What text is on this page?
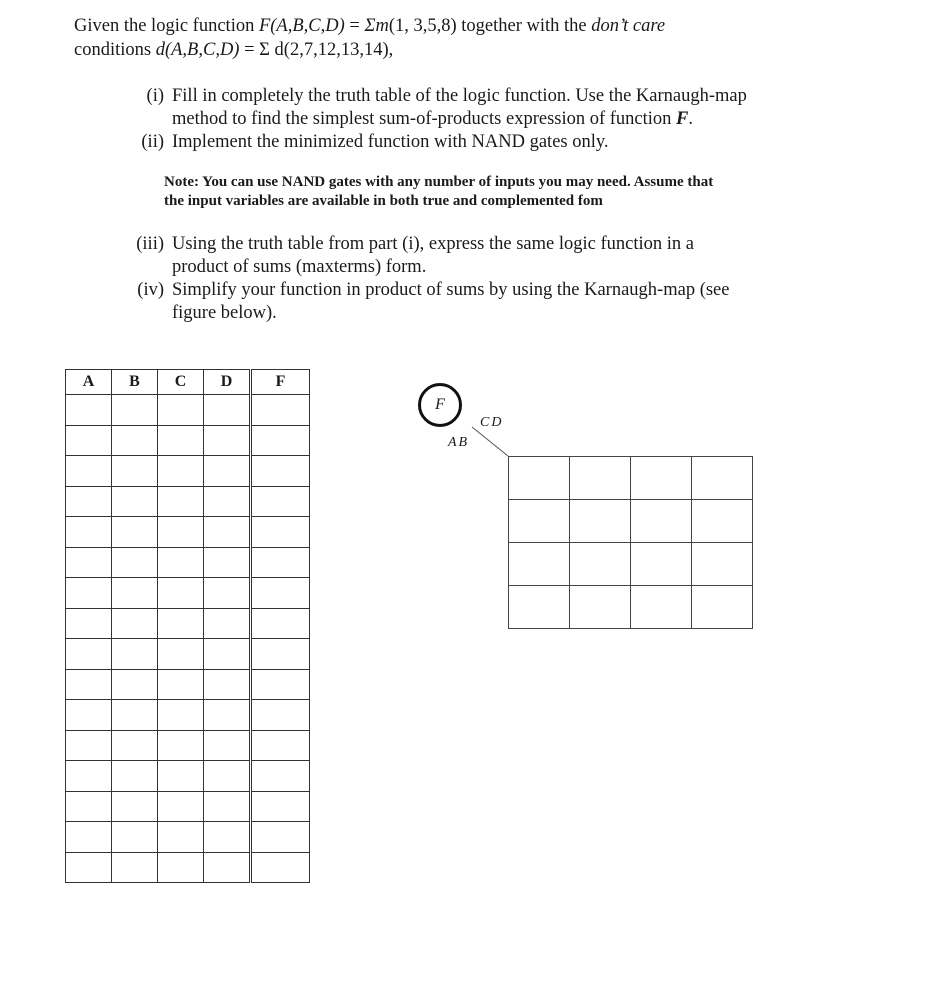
Given the logic function F(A,B,C,D) = Σm(1, 3,5,8) together with the don’t care
conditions d(A,B,C,D) = Σ d(2,7,12,13,14),
(i) Fill in completely the truth table of the logic function. Use the Karnaugh-map
method to find the simplest sum-of-products expression of function F.
(ii) Implement the minimized function with NAND gates only.
Note: You can use NAND gates with any number of inputs you may need. Assume that
the input variables are available in both true and complemented fom
(iii) Using the truth table from part (i), express the same logic function in a
product of sums (maxterms) form.
(iv) Simplify your function in product of sums by using the Karnaugh-map (see
figure below).
A	B	C	D	F

F
CD
AB
